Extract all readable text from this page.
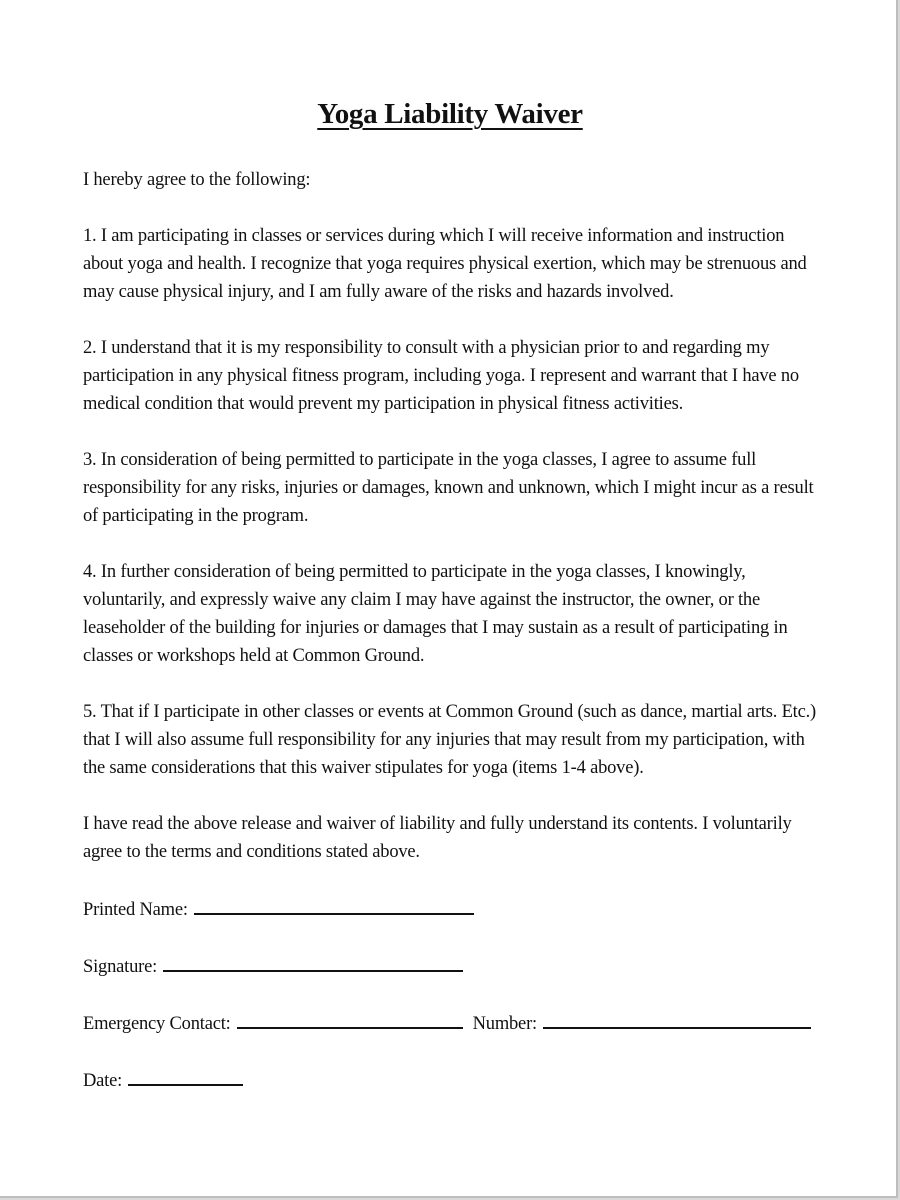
Yoga Liability Waiver

I hereby agree to the following:

1. I am participating in classes or services during which I will receive information and instruction about yoga and health. I recognize that yoga requires physical exertion, which may be strenuous and may cause physical injury, and I am fully aware of the risks and hazards involved.

2. I understand that it is my responsibility to consult with a physician prior to and regarding my participation in any physical fitness program, including yoga. I represent and warrant that I have no medical condition that would prevent my participation in physical fitness activities.

3. In consideration of being permitted to participate in the yoga classes, I agree to assume full responsibility for any risks, injuries or damages, known and unknown, which I might incur as a result of participating in the program.

4. In further consideration of being permitted to participate in the yoga classes, I knowingly, voluntarily, and expressly waive any claim I may have against the instructor, the owner, or the leaseholder of the building for injuries or damages that I may sustain as a result of participating in classes or workshops held at Common Ground.

5. That if I participate in other classes or events at Common Ground (such as dance, martial arts. Etc.) that I will also assume full responsibility for any injuries that may result from my participation, with the same considerations that this waiver stipulates for yoga (items 1-4 above).

I have read the above release and waiver of liability and fully understand its contents. I voluntarily agree to the terms and conditions stated above.

Printed Name:
Signature:
Emergency Contact:	Number:
Date:
